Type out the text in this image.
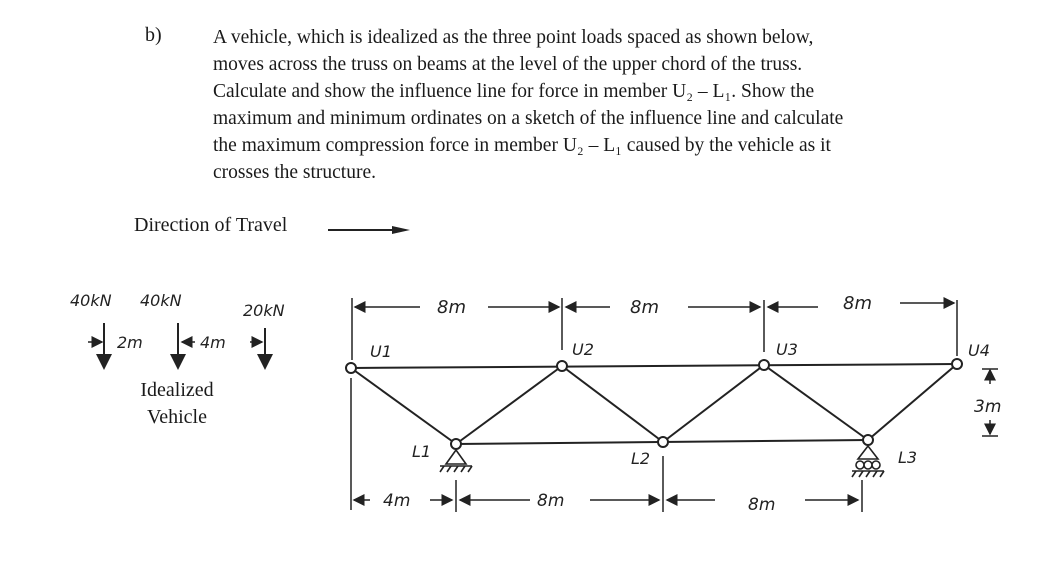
b)	A vehicle, which is idealized as the three point loads spaced as shown below,
moves across the truss on beams at the level of the upper chord of the truss.
Calculate and show the influence line for force in member U₂ – L₁. Show the
maximum and minimum ordinates on a sketch of the influence line and calculate
the maximum compression force in member U₂ – L₁ caused by the vehicle as it
crosses the structure.
Direction of Travel
Idealized
Vehicle
40kN 40kN
20kN
2m	4m
8m	8m	8m
U1	U2	U3	U4
L1	L2	L3
3m
4m	8m	8m
